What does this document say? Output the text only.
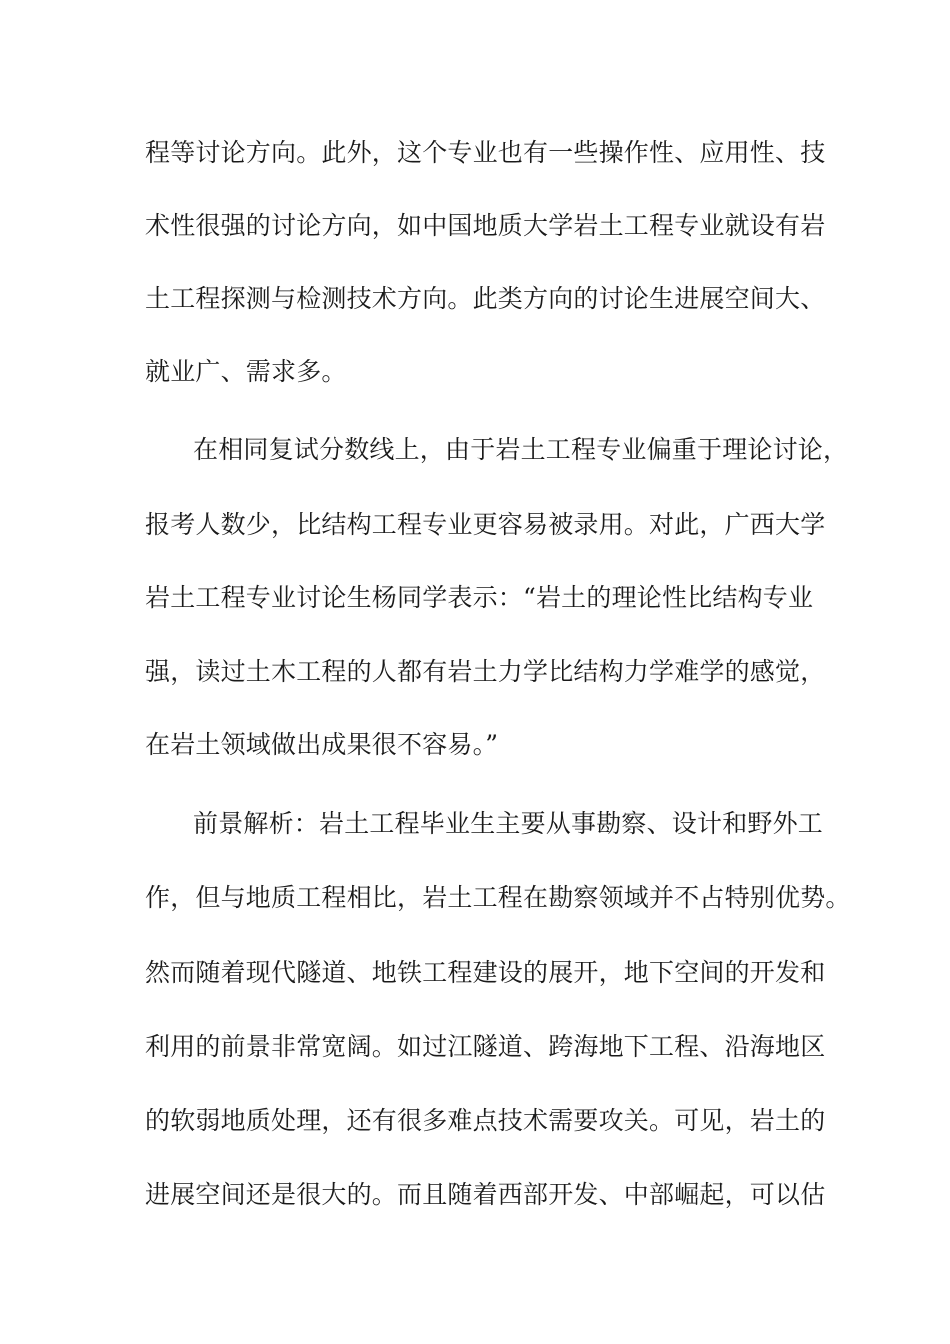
程等讨论方向。此外，这个专业也有一些操作性、应用性、技
术性很强的讨论方向，如中国地质大学岩土工程专业就设有岩
土工程探测与检测技术方向。此类方向的讨论生进展空间大、
就业广、需求多。
在相同复试分数线上，由于岩土工程专业偏重于理论讨论，
报考人数少，比结构工程专业更容易被录用。对此，广西大学
岩土工程专业讨论生杨同学表示：“岩土的理论性比结构专业
强，读过土木工程的人都有岩土力学比结构力学难学的感觉，
在岩土领域做出成果很不容易。”
前景解析：岩土工程毕业生主要从事勘察、设计和野外工
作，但与地质工程相比，岩土工程在勘察领域并不占特别优势。
然而随着现代隧道、地铁工程建设的展开，地下空间的开发和
利用的前景非常宽阔。如过江隧道、跨海地下工程、沿海地区
的软弱地质处理，还有很多难点技术需要攻关。可见，岩土的
进展空间还是很大的。而且随着西部开发、中部崛起，可以估
